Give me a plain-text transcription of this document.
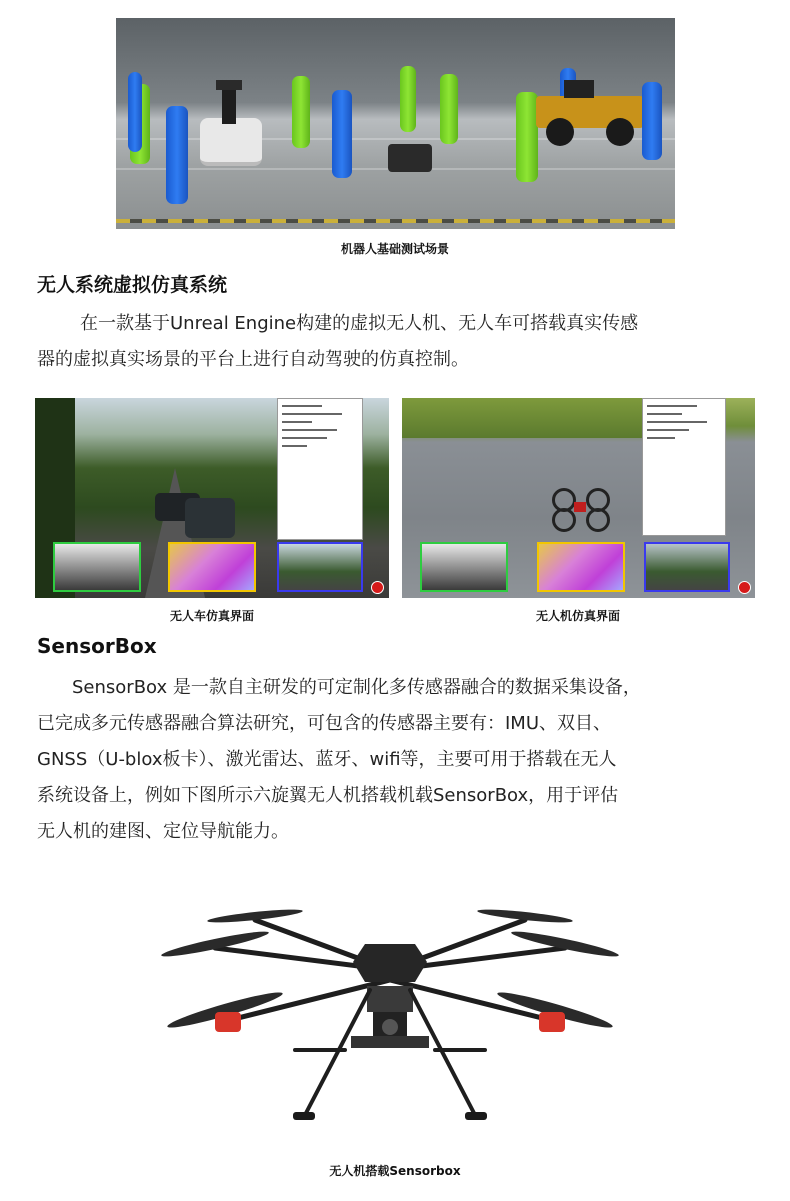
机器人基础测试场景
无人系统虚拟仿真系统
在一款基于Unreal Engine构建的虚拟无人机、无人车可搭载真实传感
器的虚拟真实场景的平台上进行自动驾驶的仿真控制。
无人车仿真界面	无人机仿真界面
SensorBox
SensorBox 是一款自主研发的可定制化多传感器融合的数据采集设备，
已完成多元传感器融合算法研究，可包含的传感器主要有：IMU、双目、
GNSS（U-blox板卡）、激光雷达、蓝牙、wifi等，主要可用于搭载在无人
系统设备上，例如下图所示六旋翼无人机搭载机载SensorBox，用于评估
无人机的建图、定位导航能力。
无人机搭载Sensorbox
